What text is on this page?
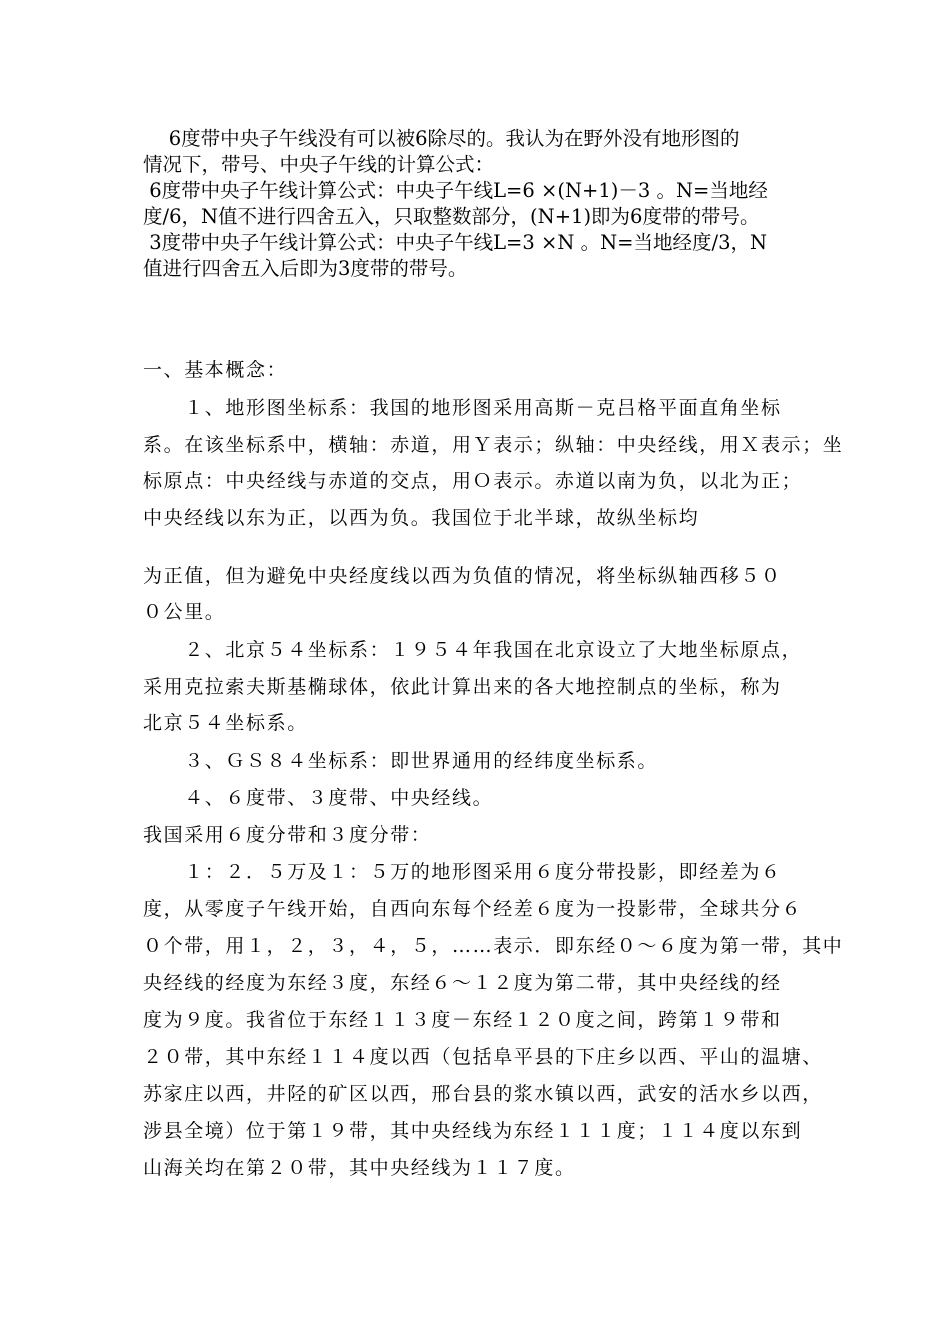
　 6度带中央子午线没有可以被6除尽的。我认为在野外没有地形图的
情况下，带号、中央子午线的计算公式：
6度带中央子午线计算公式：中央子午线L=6 ×(N+1)－3 。N=当地经
度/6，N值不进行四舍五入，只取整数部分，(N+1)即为6度带的带号。
3度带中央子午线计算公式：中央子午线L=3 ×N 。N=当地经度/3，N
值进行四舍五入后即为3度带的带号。
一、基本概念：
　　１、地形图坐标系：我国的地形图采用高斯－克吕格平面直角坐标
系。在该坐标系中，横轴：赤道，用Ｙ表示；纵轴：中央经线，用Ｘ表示；坐
标原点：中央经线与赤道的交点，用Ｏ表示。赤道以南为负，以北为正；
中央经线以东为正，以西为负。我国位于北半球，故纵坐标均
为正值，但为避免中央经度线以西为负值的情况，将坐标纵轴西移５０
０公里。
　　２、北京５４坐标系：１９５４年我国在北京设立了大地坐标原点，
采用克拉索夫斯基椭球体，依此计算出来的各大地控制点的坐标，称为
北京５４坐标系。
　　３、ＧＳ８４坐标系：即世界通用的经纬度坐标系。
　　４、６度带、３度带、中央经线。
我国采用６度分带和３度分带：
　　１：２．５万及１：５万的地形图采用６度分带投影，即经差为６
度，从零度子午线开始，自西向东每个经差６度为一投影带，全球共分６
０个带，用１，２，３，４，５，……表示．即东经０～６度为第一带，其中
央经线的经度为东经３度，东经６～１２度为第二带，其中央经线的经
度为９度。我省位于东经１１３度－东经１２０度之间，跨第１９带和
２０带，其中东经１１４度以西（包括阜平县的下庄乡以西、平山的温塘、
苏家庄以西，井陉的矿区以西，邢台县的浆水镇以西，武安的活水乡以西，
涉县全境）位于第１９带，其中央经线为东经１１１度；１１４度以东到
山海关均在第２０带，其中央经线为１１７度。
